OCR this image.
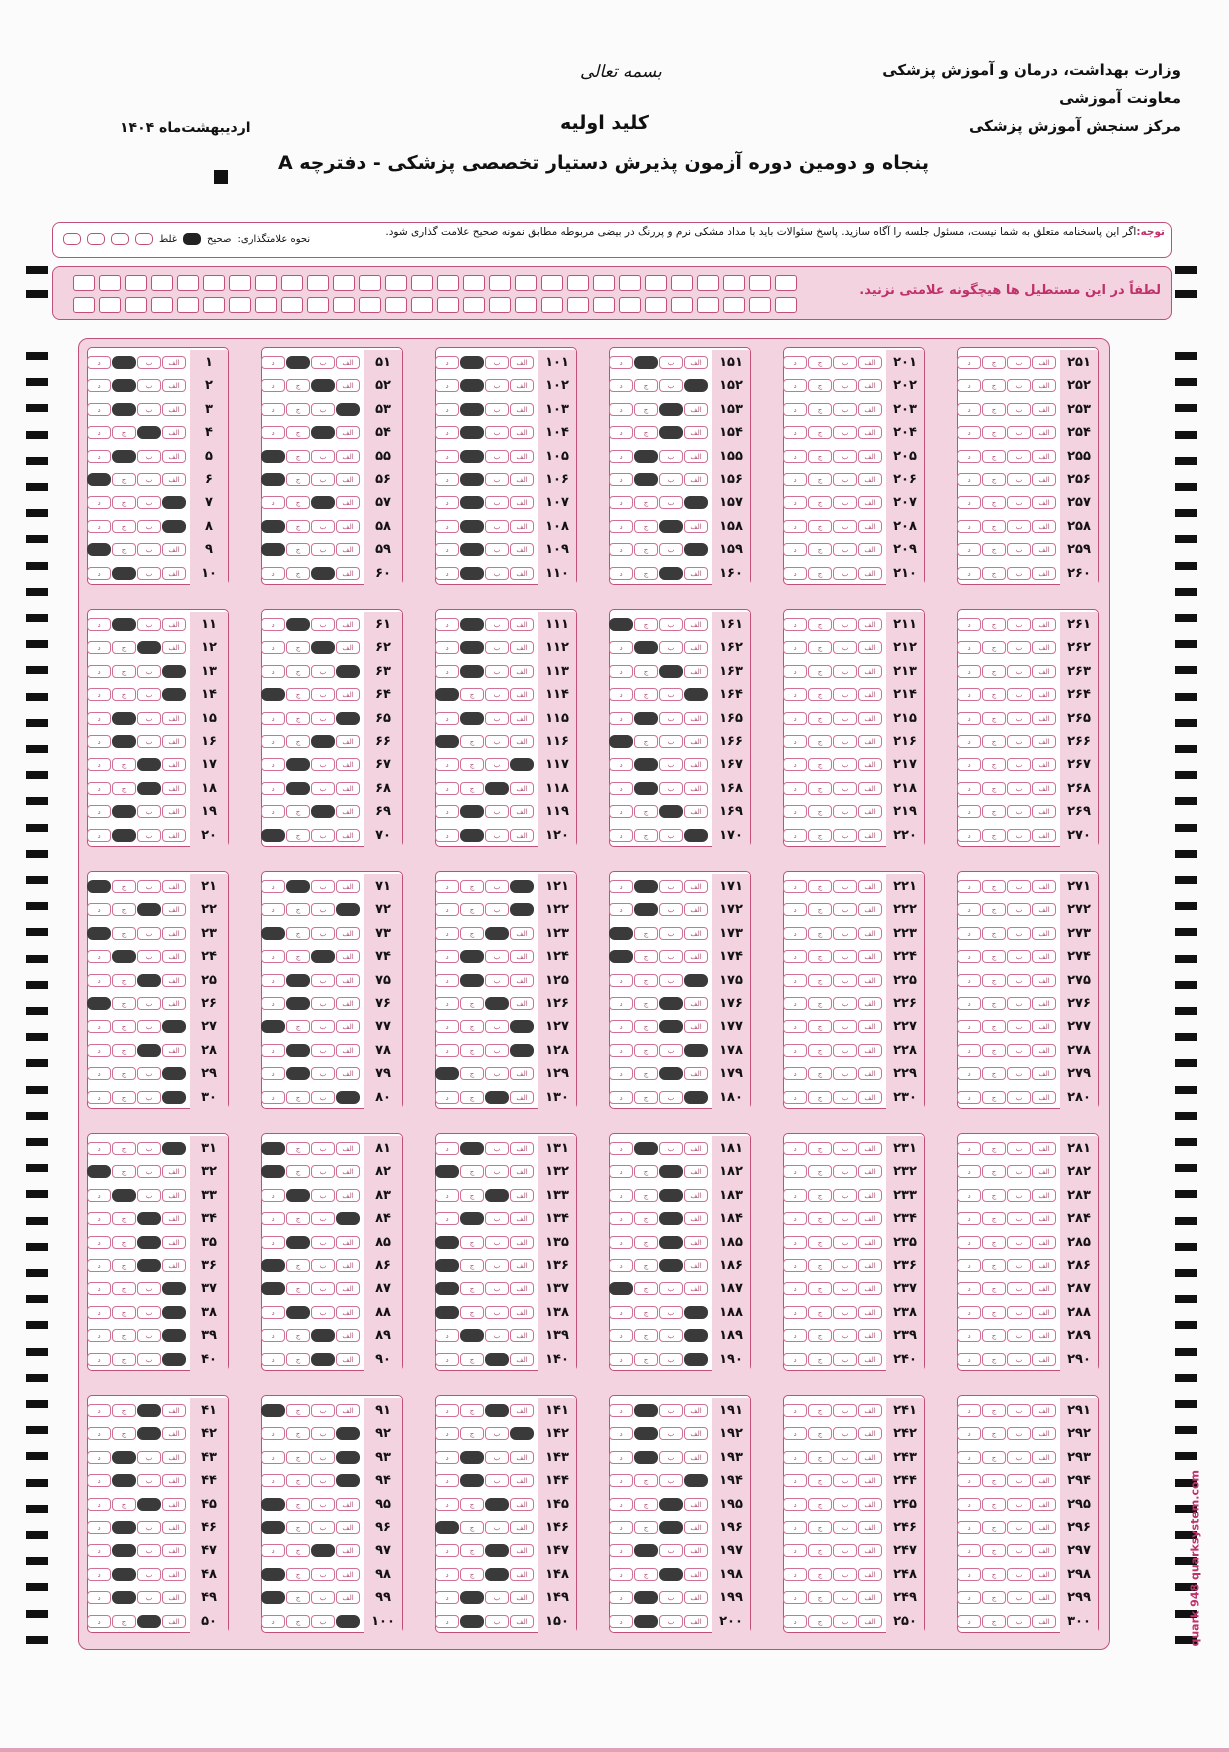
وزارت بهداشت، درمان و آموزش پزشکی
معاونت آموزشی
مرکز سنجش آموزش پزشکی
بسمه تعالی
کلید اولیه
اردیبهشت‌ماه ۱۴۰۴
پنجاه و دومین دوره آزمون پذیرش دستیار تخصصی پزشکی - دفترچه A
توجه:اگر این پاسخنامه متعلق به شما نیست، مسئول جلسه را آگاه سازید. پاسخ سئوالات باید با مداد مشکی نرم و پررنگ در بیضی مربوطه مطابق نمونه صحیح علامت گذاری شود.
نحوه علامتگذاری:
صحیح
غلط
لطفاً در این مستطیل ها هیچگونه علامتی نزنید.
۱
الف
ب
د
۲
الف
ب
د
۳
الف
ب
د
۴
الف
ج
د
۵
الف
ب
د
۶
الف
ب
ج
۷
ب
ج
د
۸
ب
ج
د
۹
الف
ب
ج
۱۰
الف
ب
د
۱۱
الف
ب
د
۱۲
الف
ج
د
۱۳
ب
ج
د
۱۴
ب
ج
د
۱۵
الف
ب
د
۱۶
الف
ب
د
۱۷
الف
ج
د
۱۸
الف
ج
د
۱۹
الف
ب
د
۲۰
الف
ب
د
۲۱
الف
ب
ج
۲۲
الف
ج
د
۲۳
الف
ب
ج
۲۴
الف
ب
د
۲۵
الف
ج
د
۲۶
الف
ب
ج
۲۷
ب
ج
د
۲۸
الف
ج
د
۲۹
ب
ج
د
۳۰
ب
ج
د
۳۱
ب
ج
د
۳۲
الف
ب
ج
۳۳
الف
ب
د
۳۴
الف
ج
د
۳۵
الف
ج
د
۳۶
الف
ج
د
۳۷
ب
ج
د
۳۸
ب
ج
د
۳۹
ب
ج
د
۴۰
ب
ج
د
۴۱
الف
ج
د
۴۲
الف
ج
د
۴۳
الف
ب
د
۴۴
الف
ب
د
۴۵
الف
ج
د
۴۶
الف
ب
د
۴۷
الف
ب
د
۴۸
الف
ب
د
۴۹
الف
ب
د
۵۰
الف
ج
د
۵۱
الف
ب
د
۵۲
الف
ج
د
۵۳
ب
ج
د
۵۴
الف
ج
د
۵۵
الف
ب
ج
۵۶
الف
ب
ج
۵۷
الف
ج
د
۵۸
الف
ب
ج
۵۹
الف
ب
ج
۶۰
الف
ج
د
۶۱
الف
ب
د
۶۲
الف
ج
د
۶۳
ب
ج
د
۶۴
الف
ب
ج
۶۵
ب
ج
د
۶۶
الف
ج
د
۶۷
الف
ب
د
۶۸
الف
ب
د
۶۹
الف
ج
د
۷۰
الف
ب
ج
۷۱
الف
ب
د
۷۲
ب
ج
د
۷۳
الف
ب
ج
۷۴
الف
ج
د
۷۵
الف
ب
د
۷۶
الف
ب
د
۷۷
الف
ب
ج
۷۸
الف
ب
د
۷۹
الف
ب
د
۸۰
ب
ج
د
۸۱
الف
ب
ج
۸۲
الف
ب
ج
۸۳
الف
ب
د
۸۴
ب
ج
د
۸۵
الف
ب
د
۸۶
الف
ب
ج
۸۷
الف
ب
ج
۸۸
الف
ب
د
۸۹
الف
ج
د
۹۰
الف
ج
د
۹۱
الف
ب
ج
۹۲
ب
ج
د
۹۳
ب
ج
د
۹۴
ب
ج
د
۹۵
الف
ب
ج
۹۶
الف
ب
ج
۹۷
الف
ج
د
۹۸
الف
ب
ج
۹۹
الف
ب
ج
۱۰۰
ب
ج
د
۱۰۱
الف
ب
د
۱۰۲
الف
ب
د
۱۰۳
الف
ب
د
۱۰۴
الف
ب
د
۱۰۵
الف
ب
د
۱۰۶
الف
ب
د
۱۰۷
الف
ب
د
۱۰۸
الف
ب
د
۱۰۹
الف
ب
د
۱۱۰
الف
ب
د
۱۱۱
الف
ب
د
۱۱۲
الف
ب
د
۱۱۳
الف
ب
د
۱۱۴
الف
ب
ج
۱۱۵
الف
ب
د
۱۱۶
الف
ب
ج
۱۱۷
ب
ج
د
۱۱۸
الف
ج
د
۱۱۹
الف
ب
د
۱۲۰
الف
ب
د
۱۲۱
ب
ج
د
۱۲۲
ب
ج
د
۱۲۳
الف
ج
د
۱۲۴
الف
ب
د
۱۲۵
الف
ب
د
۱۲۶
الف
ج
د
۱۲۷
ب
ج
د
۱۲۸
ب
ج
د
۱۲۹
الف
ب
ج
۱۳۰
الف
ج
د
۱۳۱
الف
ب
د
۱۳۲
الف
ب
ج
۱۳۳
الف
ج
د
۱۳۴
الف
ب
د
۱۳۵
الف
ب
ج
۱۳۶
الف
ب
ج
۱۳۷
الف
ب
ج
۱۳۸
الف
ب
ج
۱۳۹
الف
ب
د
۱۴۰
الف
ج
د
۱۴۱
الف
ج
د
۱۴۲
ب
ج
د
۱۴۳
الف
ب
د
۱۴۴
الف
ب
د
۱۴۵
الف
ج
د
۱۴۶
الف
ب
ج
۱۴۷
الف
ج
د
۱۴۸
الف
ج
د
۱۴۹
الف
ب
د
۱۵۰
الف
ب
د
۱۵۱
الف
ب
د
۱۵۲
ب
ج
د
۱۵۳
الف
ج
د
۱۵۴
الف
ج
د
۱۵۵
الف
ب
د
۱۵۶
الف
ب
د
۱۵۷
ب
ج
د
۱۵۸
الف
ج
د
۱۵۹
ب
ج
د
۱۶۰
الف
ج
د
۱۶۱
الف
ب
ج
۱۶۲
الف
ب
د
۱۶۳
الف
ج
د
۱۶۴
ب
ج
د
۱۶۵
الف
ب
د
۱۶۶
الف
ب
ج
۱۶۷
الف
ب
د
۱۶۸
الف
ب
د
۱۶۹
الف
ج
د
۱۷۰
ب
ج
د
۱۷۱
الف
ب
د
۱۷۲
الف
ب
د
۱۷۳
الف
ب
ج
۱۷۴
الف
ب
ج
۱۷۵
ب
ج
د
۱۷۶
الف
ج
د
۱۷۷
الف
ج
د
۱۷۸
ب
ج
د
۱۷۹
الف
ج
د
۱۸۰
ب
ج
د
۱۸۱
الف
ب
د
۱۸۲
الف
ج
د
۱۸۳
الف
ج
د
۱۸۴
الف
ج
د
۱۸۵
الف
ج
د
۱۸۶
الف
ج
د
۱۸۷
الف
ب
ج
۱۸۸
ب
ج
د
۱۸۹
ب
ج
د
۱۹۰
ب
ج
د
۱۹۱
الف
ب
د
۱۹۲
الف
ب
د
۱۹۳
الف
ب
د
۱۹۴
ب
ج
د
۱۹۵
الف
ج
د
۱۹۶
الف
ج
د
۱۹۷
الف
ب
د
۱۹۸
الف
ج
د
۱۹۹
الف
ب
د
۲۰۰
الف
ب
د
۲۰۱
الف
ب
ج
د
۲۰۲
الف
ب
ج
د
۲۰۳
الف
ب
ج
د
۲۰۴
الف
ب
ج
د
۲۰۵
الف
ب
ج
د
۲۰۶
الف
ب
ج
د
۲۰۷
الف
ب
ج
د
۲۰۸
الف
ب
ج
د
۲۰۹
الف
ب
ج
د
۲۱۰
الف
ب
ج
د
۲۱۱
الف
ب
ج
د
۲۱۲
الف
ب
ج
د
۲۱۳
الف
ب
ج
د
۲۱۴
الف
ب
ج
د
۲۱۵
الف
ب
ج
د
۲۱۶
الف
ب
ج
د
۲۱۷
الف
ب
ج
د
۲۱۸
الف
ب
ج
د
۲۱۹
الف
ب
ج
د
۲۲۰
الف
ب
ج
د
۲۲۱
الف
ب
ج
د
۲۲۲
الف
ب
ج
د
۲۲۳
الف
ب
ج
د
۲۲۴
الف
ب
ج
د
۲۲۵
الف
ب
ج
د
۲۲۶
الف
ب
ج
د
۲۲۷
الف
ب
ج
د
۲۲۸
الف
ب
ج
د
۲۲۹
الف
ب
ج
د
۲۳۰
الف
ب
ج
د
۲۳۱
الف
ب
ج
د
۲۳۲
الف
ب
ج
د
۲۳۳
الف
ب
ج
د
۲۳۴
الف
ب
ج
د
۲۳۵
الف
ب
ج
د
۲۳۶
الف
ب
ج
د
۲۳۷
الف
ب
ج
د
۲۳۸
الف
ب
ج
د
۲۳۹
الف
ب
ج
د
۲۴۰
الف
ب
ج
د
۲۴۱
الف
ب
ج
د
۲۴۲
الف
ب
ج
د
۲۴۳
الف
ب
ج
د
۲۴۴
الف
ب
ج
د
۲۴۵
الف
ب
ج
د
۲۴۶
الف
ب
ج
د
۲۴۷
الف
ب
ج
د
۲۴۸
الف
ب
ج
د
۲۴۹
الف
ب
ج
د
۲۵۰
الف
ب
ج
د
۲۵۱
الف
ب
ج
د
۲۵۲
الف
ب
ج
د
۲۵۳
الف
ب
ج
د
۲۵۴
الف
ب
ج
د
۲۵۵
الف
ب
ج
د
۲۵۶
الف
ب
ج
د
۲۵۷
الف
ب
ج
د
۲۵۸
الف
ب
ج
د
۲۵۹
الف
ب
ج
د
۲۶۰
الف
ب
ج
د
۲۶۱
الف
ب
ج
د
۲۶۲
الف
ب
ج
د
۲۶۳
الف
ب
ج
د
۲۶۴
الف
ب
ج
د
۲۶۵
الف
ب
ج
د
۲۶۶
الف
ب
ج
د
۲۶۷
الف
ب
ج
د
۲۶۸
الف
ب
ج
د
۲۶۹
الف
ب
ج
د
۲۷۰
الف
ب
ج
د
۲۷۱
الف
ب
ج
د
۲۷۲
الف
ب
ج
د
۲۷۳
الف
ب
ج
د
۲۷۴
الف
ب
ج
د
۲۷۵
الف
ب
ج
د
۲۷۶
الف
ب
ج
د
۲۷۷
الف
ب
ج
د
۲۷۸
الف
ب
ج
د
۲۷۹
الف
ب
ج
د
۲۸۰
الف
ب
ج
د
۲۸۱
الف
ب
ج
د
۲۸۲
الف
ب
ج
د
۲۸۳
الف
ب
ج
د
۲۸۴
الف
ب
ج
د
۲۸۵
الف
ب
ج
د
۲۸۶
الف
ب
ج
د
۲۸۷
الف
ب
ج
د
۲۸۸
الف
ب
ج
د
۲۸۹
الف
ب
ج
د
۲۹۰
الف
ب
ج
د
۲۹۱
الف
ب
ج
د
۲۹۲
الف
ب
ج
د
۲۹۳
الف
ب
ج
د
۲۹۴
الف
ب
ج
د
۲۹۵
الف
ب
ج
د
۲۹۶
الف
ب
ج
د
۲۹۷
الف
ب
ج
د
۲۹۸
الف
ب
ج
د
۲۹۹
الف
ب
ج
د
۳۰۰
الف
ب
ج
د	quark 948 quarksystem.com
